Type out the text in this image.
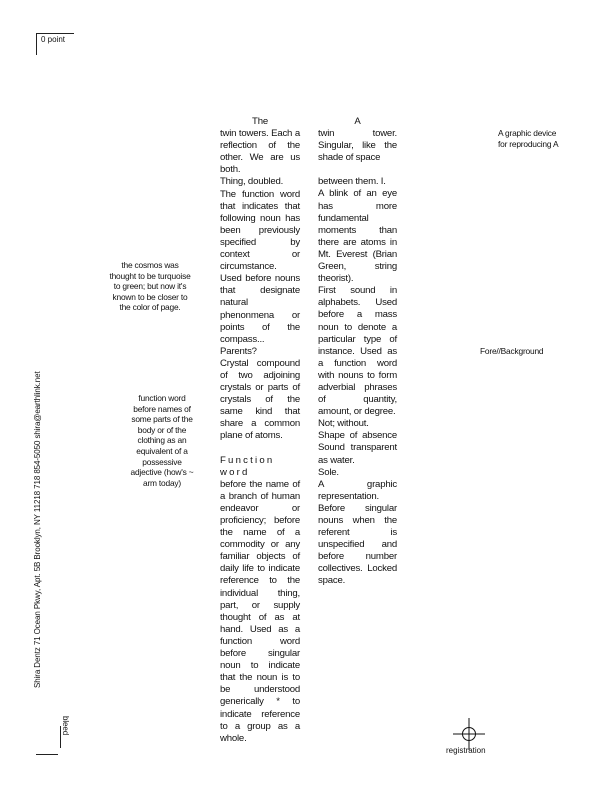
0 point
bleed
Shira Dentz 71 Ocean Pkwy, Apt. 5B Brooklyn, NY 11218 718 854-5050 shira@earthlink.net
the cosmos was thought to be turquoise to green; but now it's known to be closer to the color of page.
function word before names of some parts of the body or of the clothing as an equivalent of a possessive adjective (how's ~ arm today)
The
twin towers. Each a reflection of the other. We are us both.
Thing, doubled.
The function word that indicates that following noun has been previously specified by context or circumstance. Used before nouns that designate natural phenonmena or points of the compass...
Parents?
Crystal compound of two adjoining crystals or parts of crystals of the same kind that share a common plane of atoms.
Function word
before the name of a branch of human endeavor or proficiency; before the name of a commodity or any familiar objects of daily life to indicate reference to the individual thing, part, or supply thought of as at hand. Used as a function word before singular noun to indicate that the noun is to be understood generically * to indicate reference to a group as a whole.
A
twin tower. Singular, like the shade of space
between them. I.
A blink of an eye has more fundamental moments than there are atoms in Mt. Everest (Brian Green, string theorist).
First sound in alphabets. Used before a mass noun to denote a particular type of instance. Used as a function word with nouns to form adverbial phrases of quantity, amount, or degree.
Not; without.
Shape of absence Sound transparent as water.
Sole.
A graphic representation.
Before singular nouns when the referent is unspecified and before number collectives. Locked space.
A graphic device for reproducing A
Fore//Background
registration
